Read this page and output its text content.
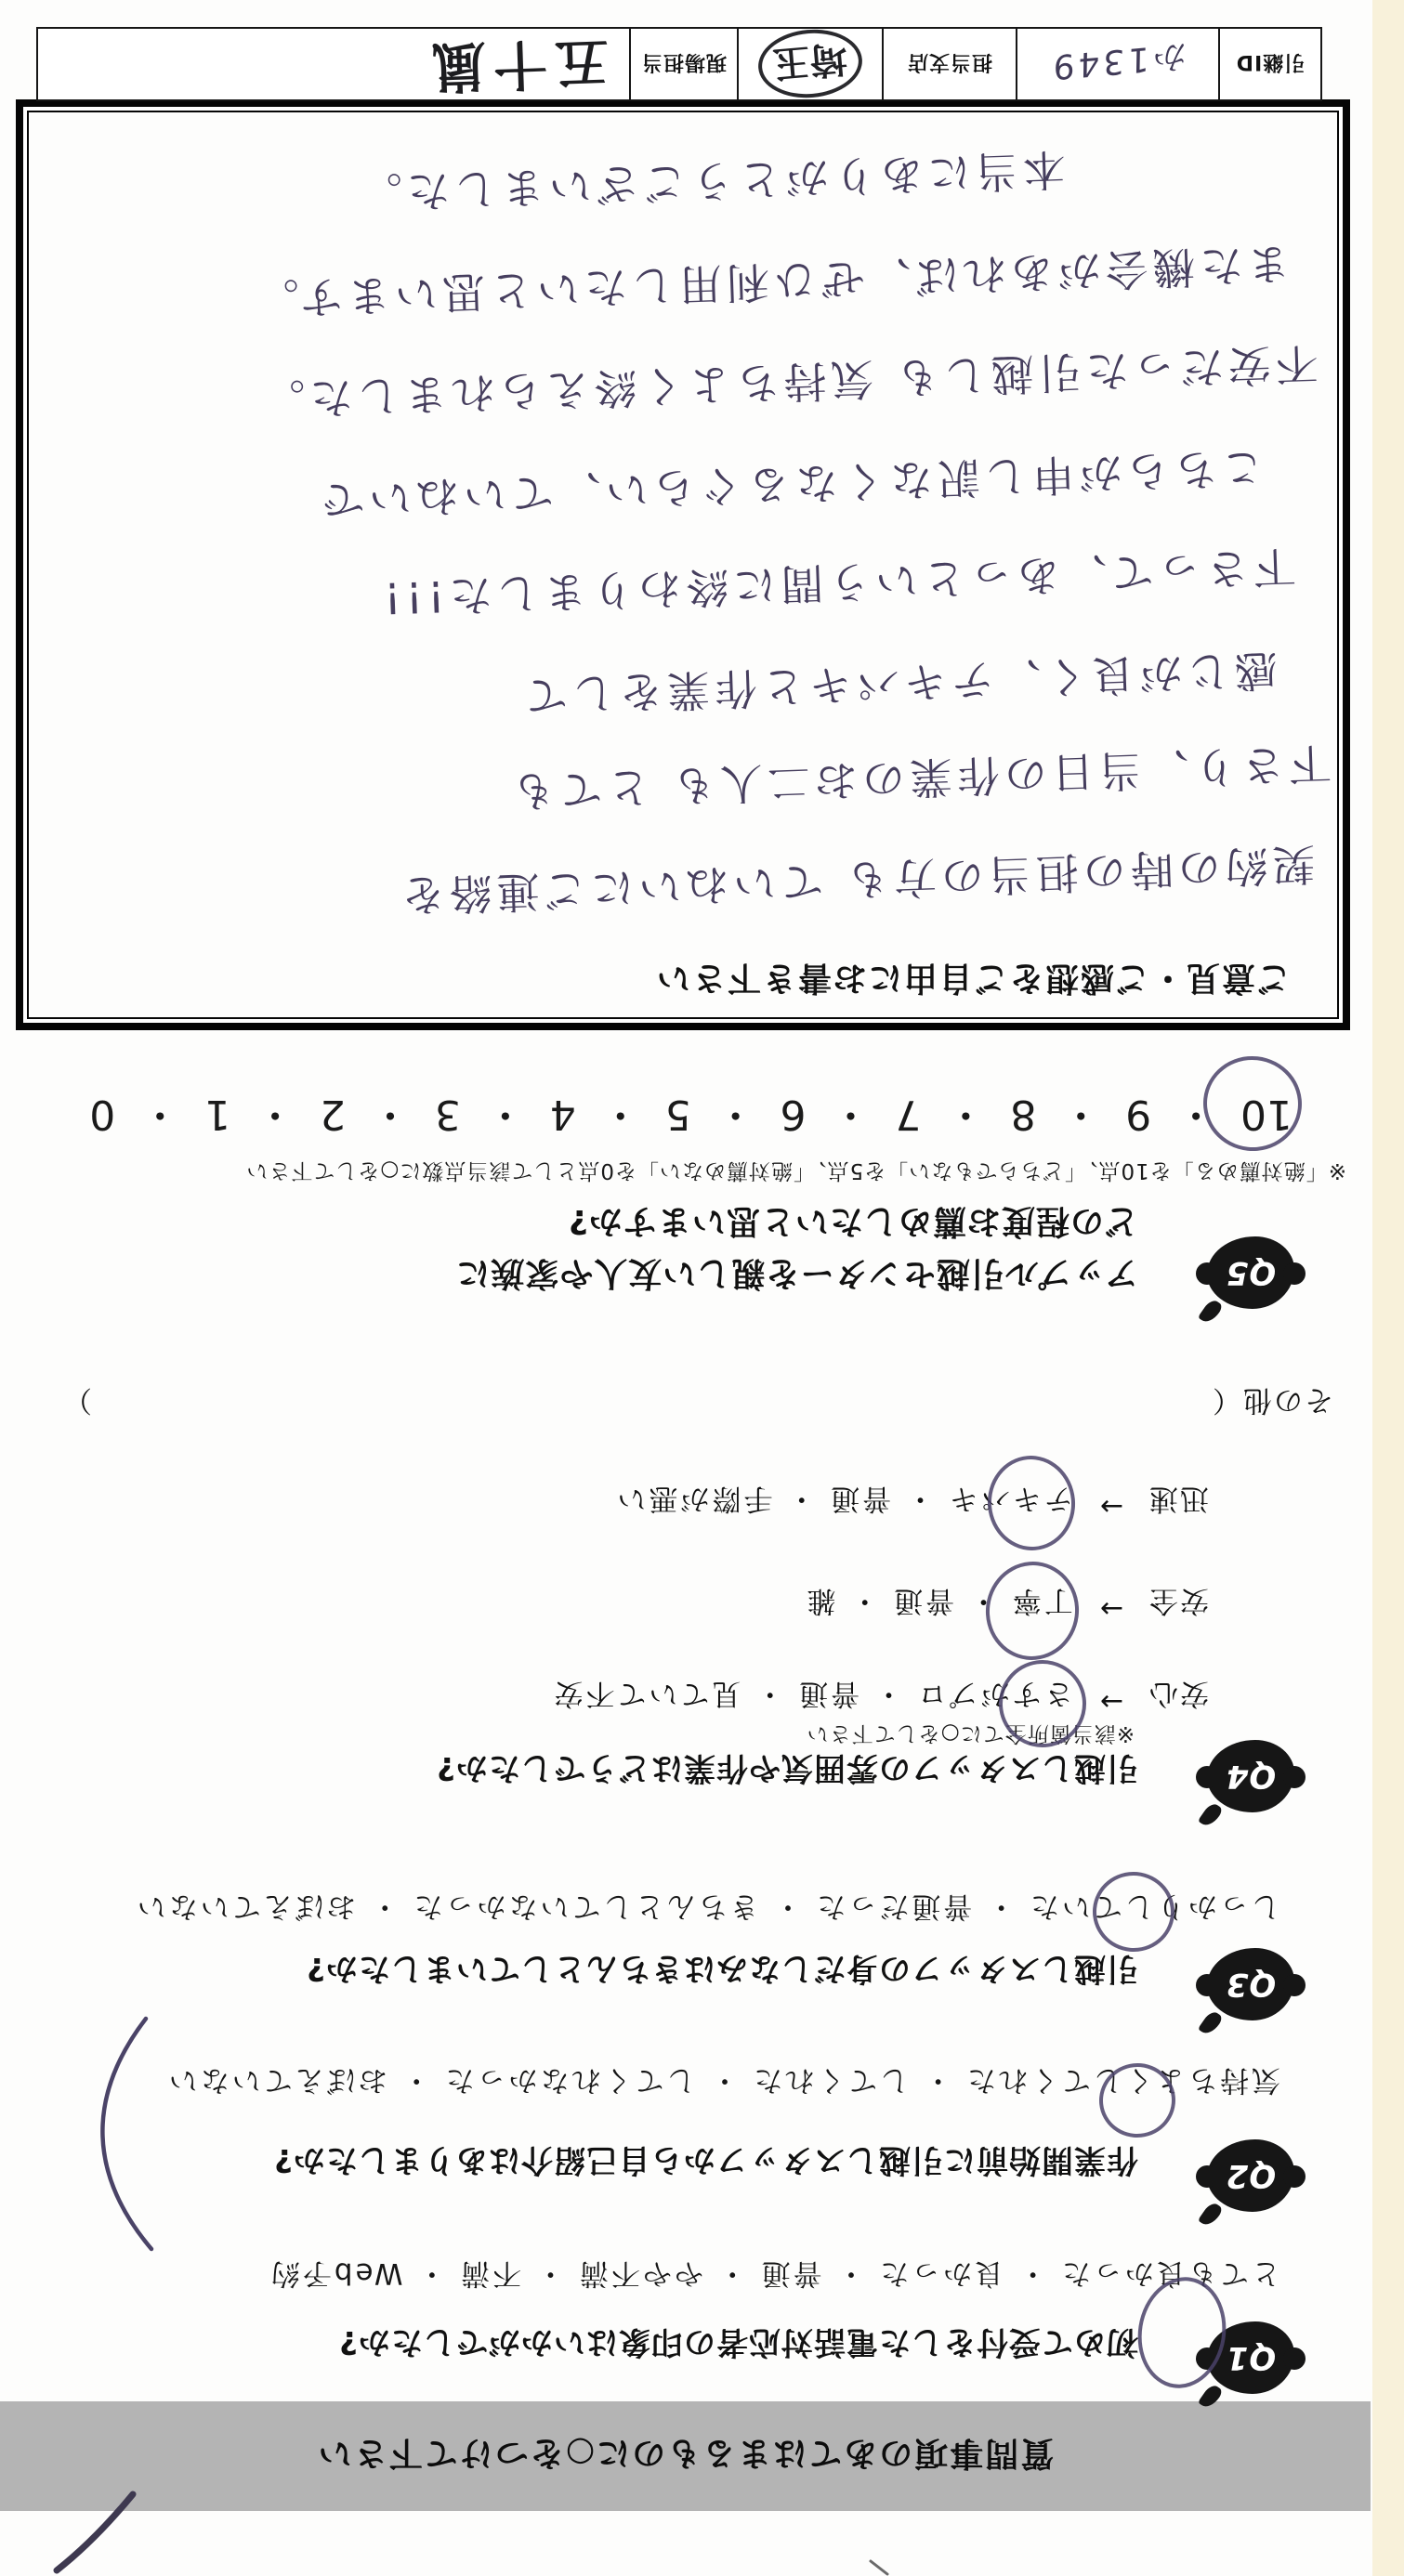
質問事項のあてはまるものに○をつけて下さい
Q1
初めて受付をした電話対応者の印象はいかがでしたか?
とても良かった ・ 良かった ・ 普通 ・ やや不満 ・ 不満 ・ Web予約
Q2
作業開始前に引越しスタッフから自己紹介はありましたか?
気持ちよくしてくれた ・ してくれた ・ してくれなかった ・ おぼえていない
Q3
引越しスタッフの身だしなみはきちんとしていましたか?
しっかりしていた ・ 普通だった ・ きちんとしていなかった ・ おぼえていない
Q4
引越しスタッフの雰囲気や作業はどうでしたか?
※該当箇所全てに○をして下さい
安心
→
さすがプロ ・ 普通 ・ 見ていて不安
安全
→
丁寧 ・ 普通 ・ 雑
迅速
→
テキパキ ・ 普通 ・ 手際が悪い
その他（
）
Q5
アップル引越センターを親しい友人や家族に
どの程度お薦めしたいと思いますか?
※「絶対薦める」を10点、「どちらでもない」を5点、「絶対薦めない」を0点として該当点数に○をして下さい
10
・
9
・
8
・
7
・
6
・
5
・
4
・
3
・
2
・
1
・
0
ご意見・ご感想をご自由にお書き下さい
契約の時の担当の方も ていねいにご連絡を
下さり、当日の作業のお二人も とても
感じが良く、テキパキと作業をして
下さって、あっという間に終わりました!!!
こちらが申し訳なくなるぐらい、ていねいで
不安だった引越しも 気持ちよく終えられました。
また機会があれば、ぜひ利用したいと思います。
本当にありがとうございました。
引継ID
か1349
担当支店
埼玉
現場担当
五十嵐
